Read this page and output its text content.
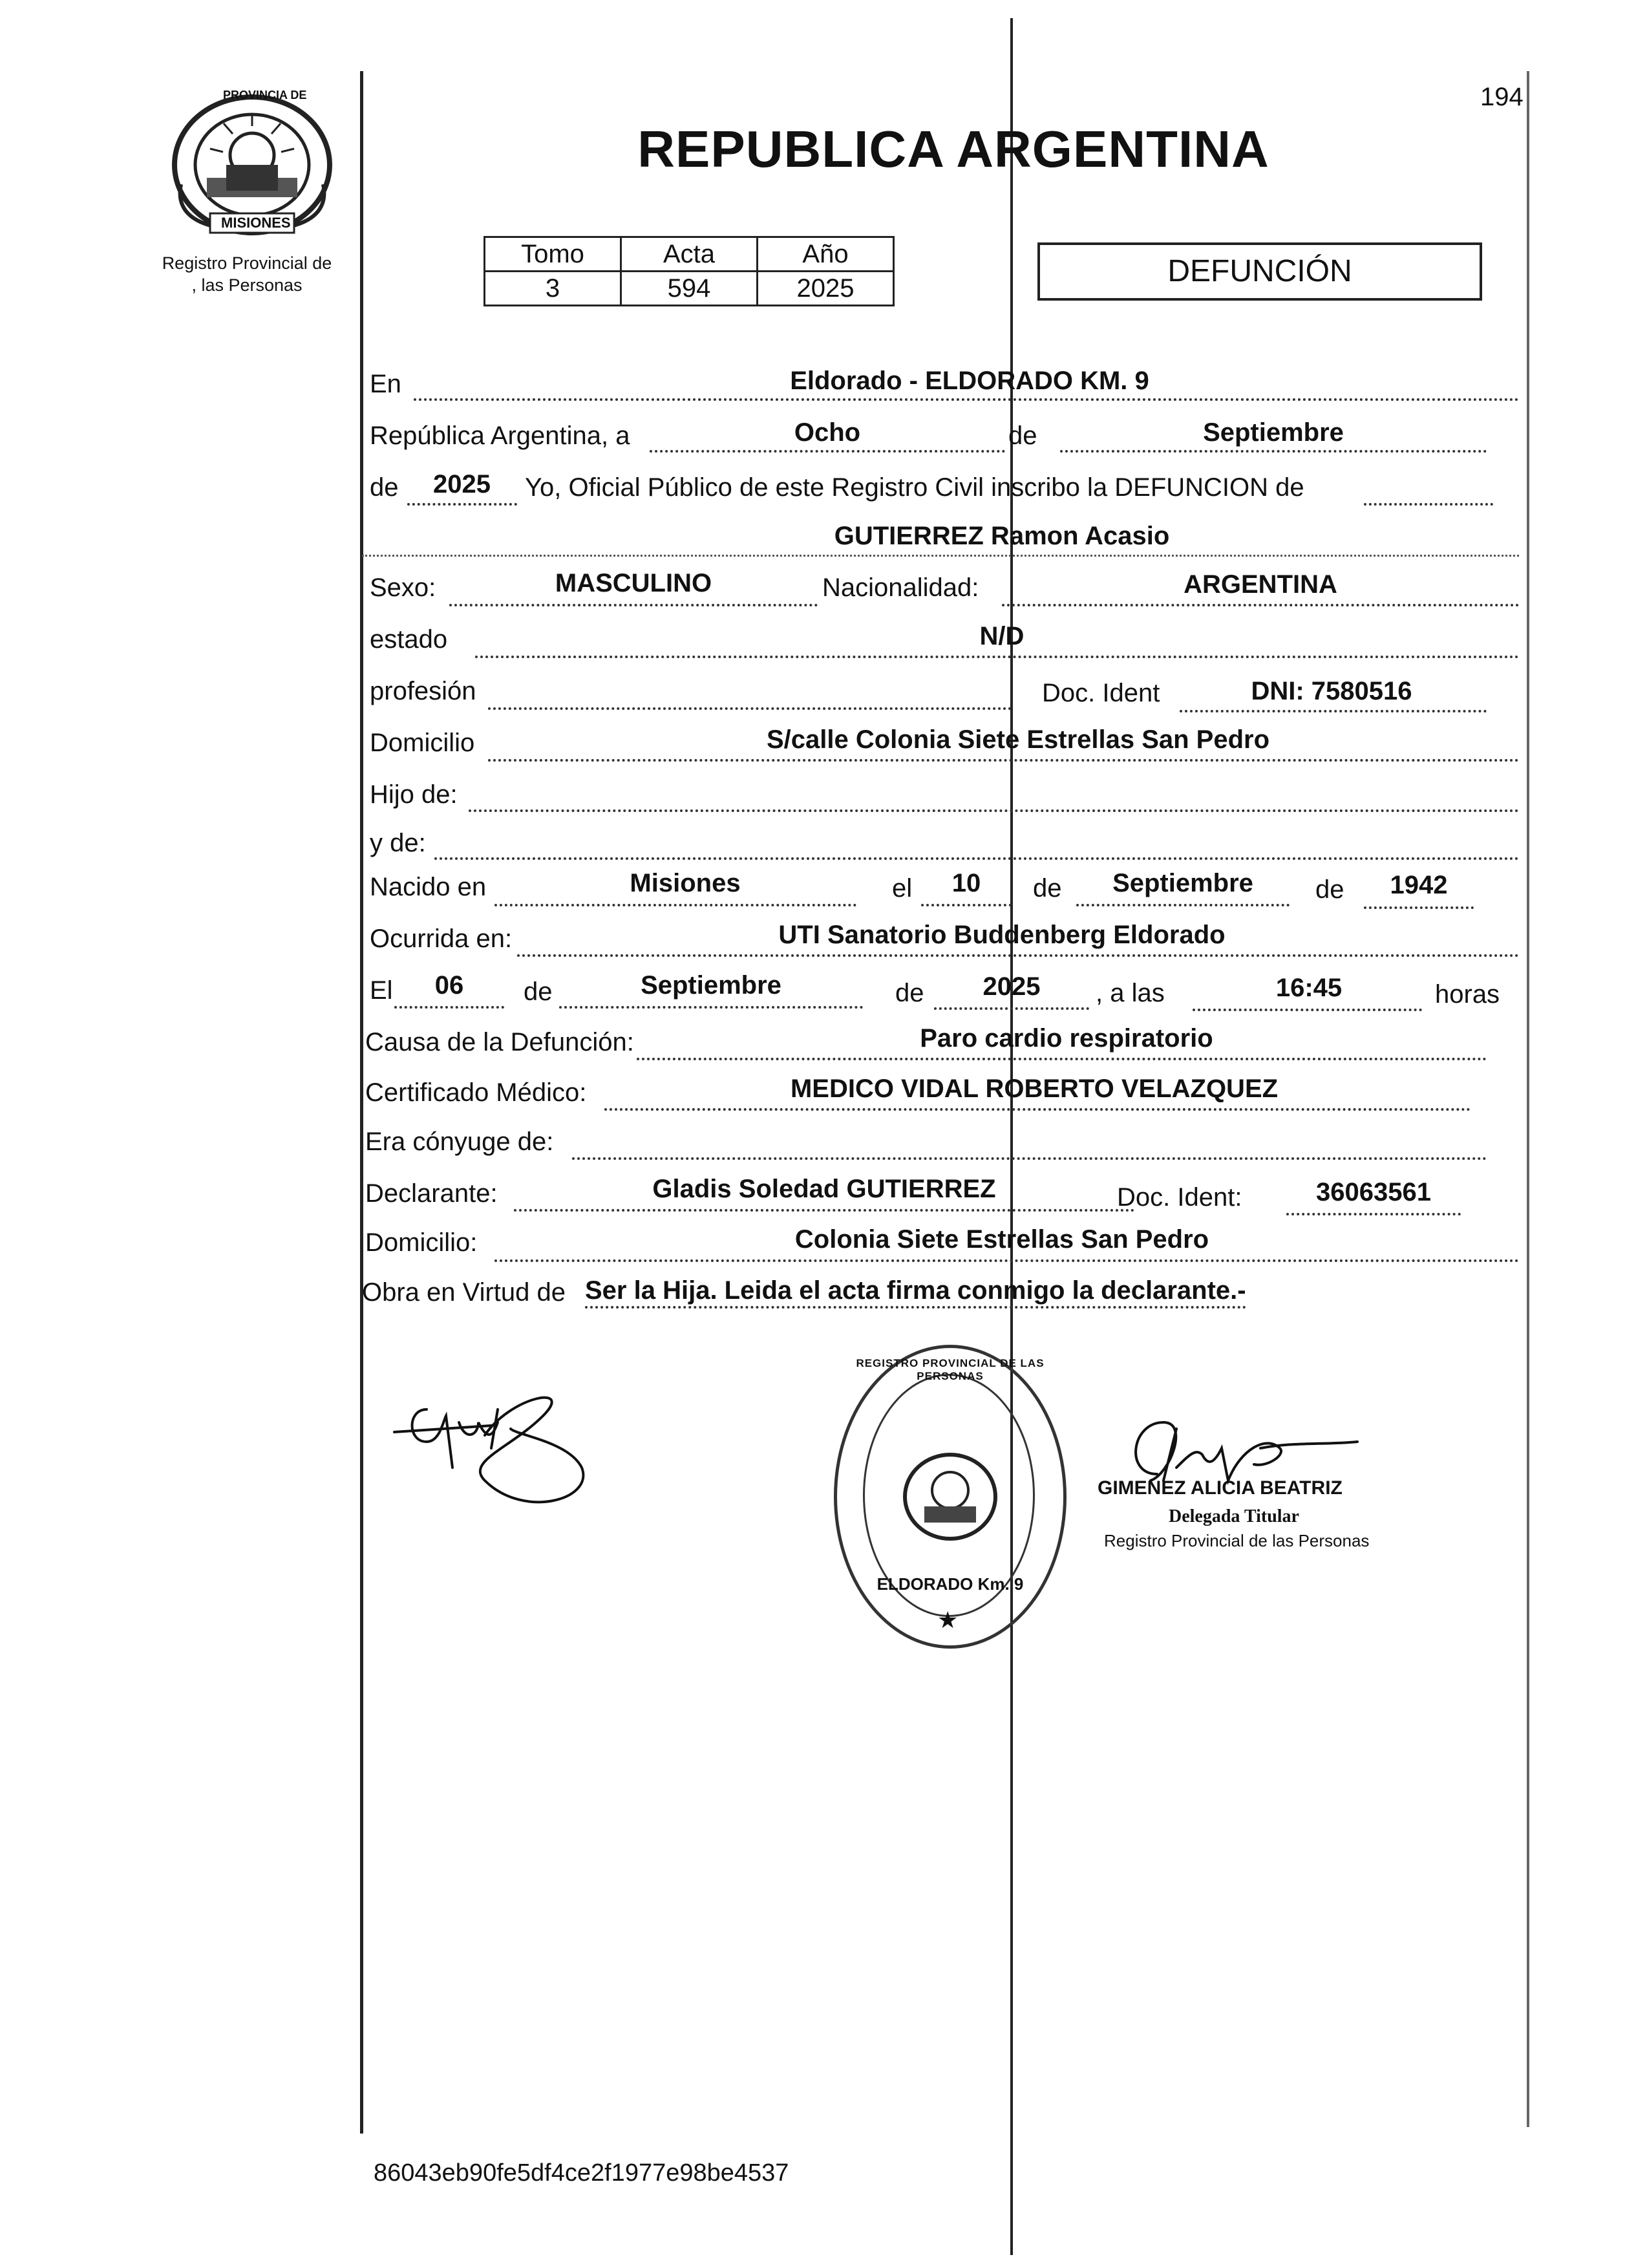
PROVINCIA DE
MISIONES
Registro Provincial de
, las Personas
194
REPUBLICA ARGENTINA
Tomo	Acta	Año
3	594	2025	DEFUNCIÓN
En	Eldorado - ELDORADO KM. 9
República Argentina, a	Ocho	de	Septiembre
de	2025	Yo, Oficial Público de este Registro Civil inscribo la DEFUNCION de
GUTIERREZ Ramon Acasio
Sexo:	MASCULINO	Nacionalidad:	ARGENTINA
estado	N/D
profesión	Doc. Ident	DNI: 7580516
Domicilio	S/calle Colonia Siete Estrellas San Pedro
Hijo de:
y de:
Nacido en	Misiones	el	10	de	Septiembre	de	1942
Ocurrida en:	UTI Sanatorio Buddenberg Eldorado
El	06	de	Septiembre	de	2025	, a las	16:45	horas
Causa de la Defunción:	Paro cardio respiratorio
Certificado Médico:	MEDICO VIDAL ROBERTO VELAZQUEZ
Era cónyuge de:
Declarante:	Gladis Soledad GUTIERREZ	Doc. Ident:	36063561
Domicilio:	Colonia Siete Estrellas San Pedro
Obra en Virtud de Ser la Hija. Leida el acta firma conmigo la declarante.-
REGISTRO PROVINCIAL DE LAS PERSONAS
ELDORADO Km. 9
★
GIMENEZ ALICIA BEATRIZ
Delegada Titular
Registro Provincial de las Personas
86043eb90fe5df4ce2f1977e98be4537
